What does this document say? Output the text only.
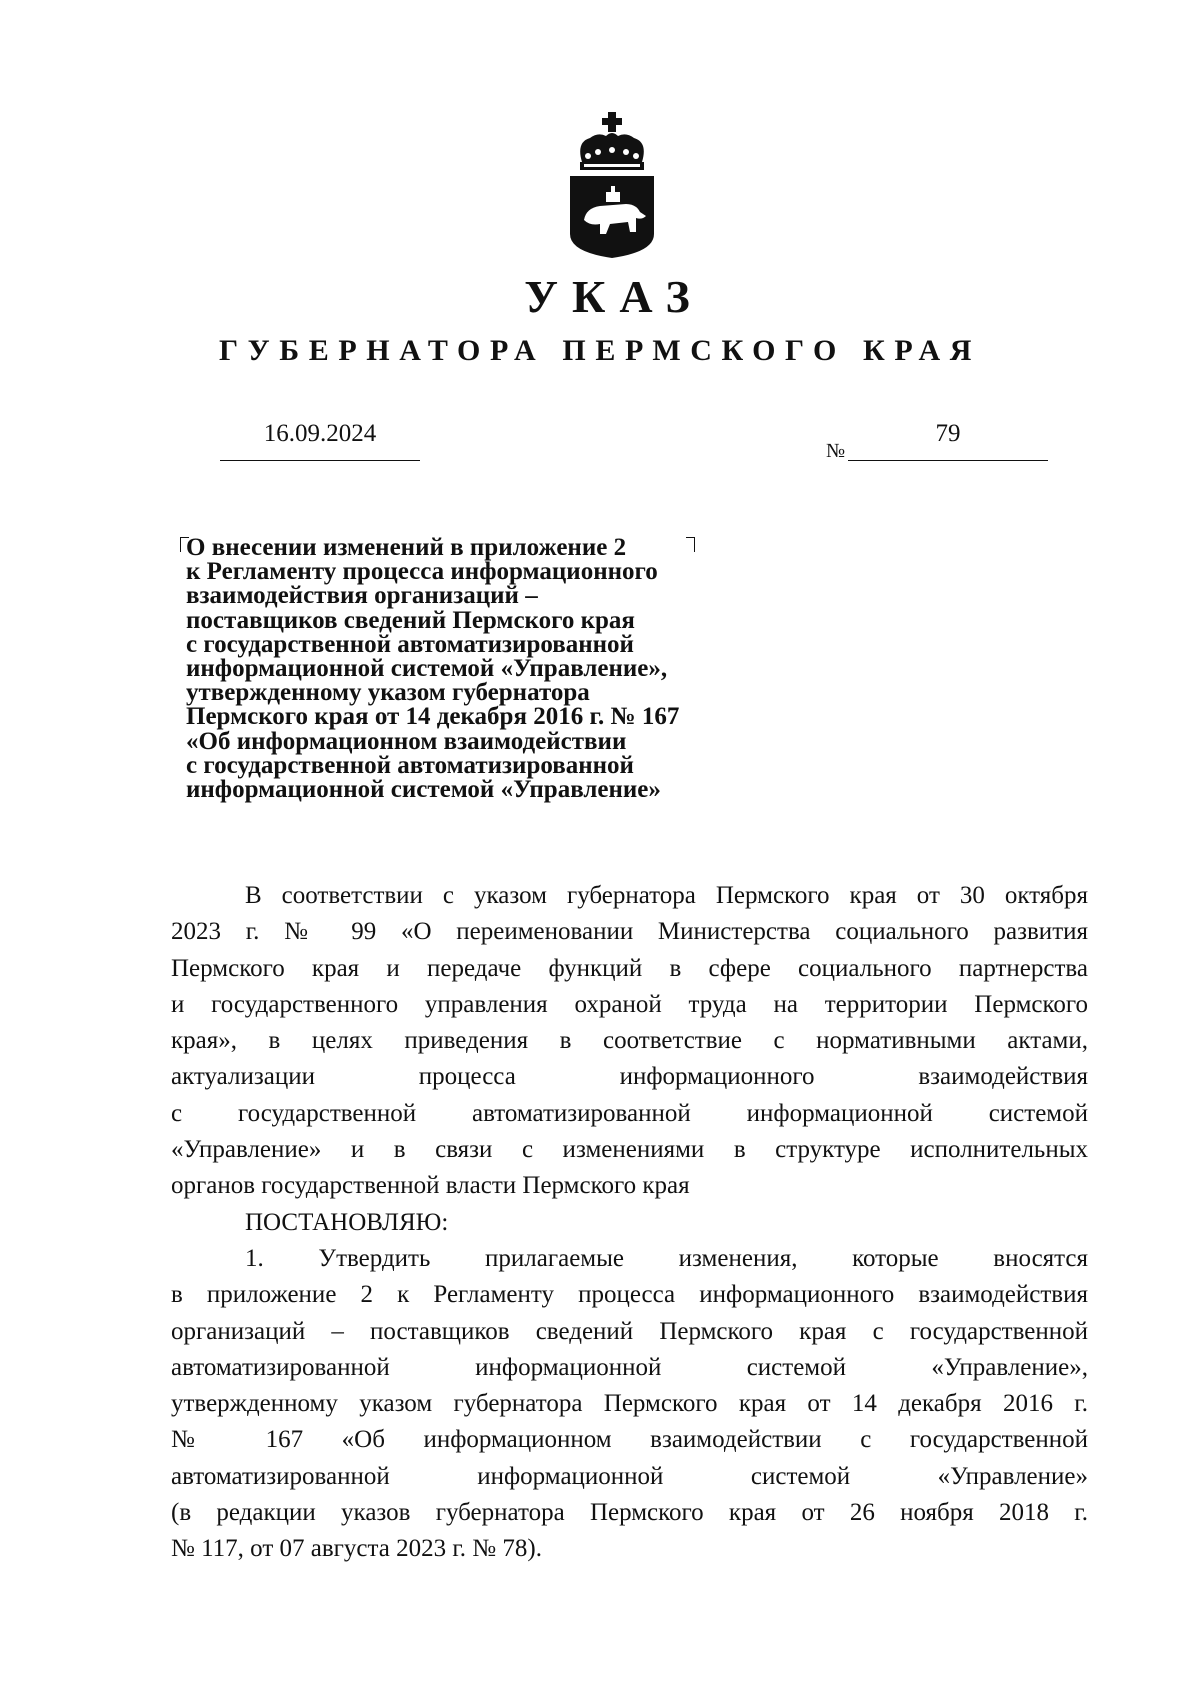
УКАЗ
ГУБЕРНАТОРА ПЕРМСКОГО КРАЯ
16.09.2024
№
79
О внесении изменений в приложение 2
к Регламенту процесса информационного
взаимодействия организаций –
поставщиков сведений Пермского края
с государственной автоматизированной
информационной системой «Управление»,
утвержденному указом губернатора
Пермского края от 14 декабря 2016 г. № 167
«Об информационном взаимодействии
с государственной автоматизированной
информационной системой «Управление»
В соответствии с указом губернатора Пермского края от 30 октября
2023 г. № 99 «О переименовании Министерства социального развития
Пермского края и передаче функций в сфере социального партнерства
и государственного управления охраной труда на территории Пермского
края», в целях приведения в соответствие с нормативными актами,
актуализации процесса информационного взаимодействия
с государственной автоматизированной информационной системой
«Управление» и в связи с изменениями в структуре исполнительных
органов государственной власти Пермского края
ПОСТАНОВЛЯЮ:
1. Утвердить прилагаемые изменения, которые вносятся
в приложение 2 к Регламенту процесса информационного взаимодействия
организаций – поставщиков сведений Пермского края с государственной
автоматизированной информационной системой «Управление»,
утвержденному указом губернатора Пермского края от 14 декабря 2016 г.
№ 167 «Об информационном взаимодействии с государственной
автоматизированной информационной системой «Управление»
(в редакции указов губернатора Пермского края от 26 ноября 2018 г.
№ 117, от 07 августа 2023 г. № 78).
